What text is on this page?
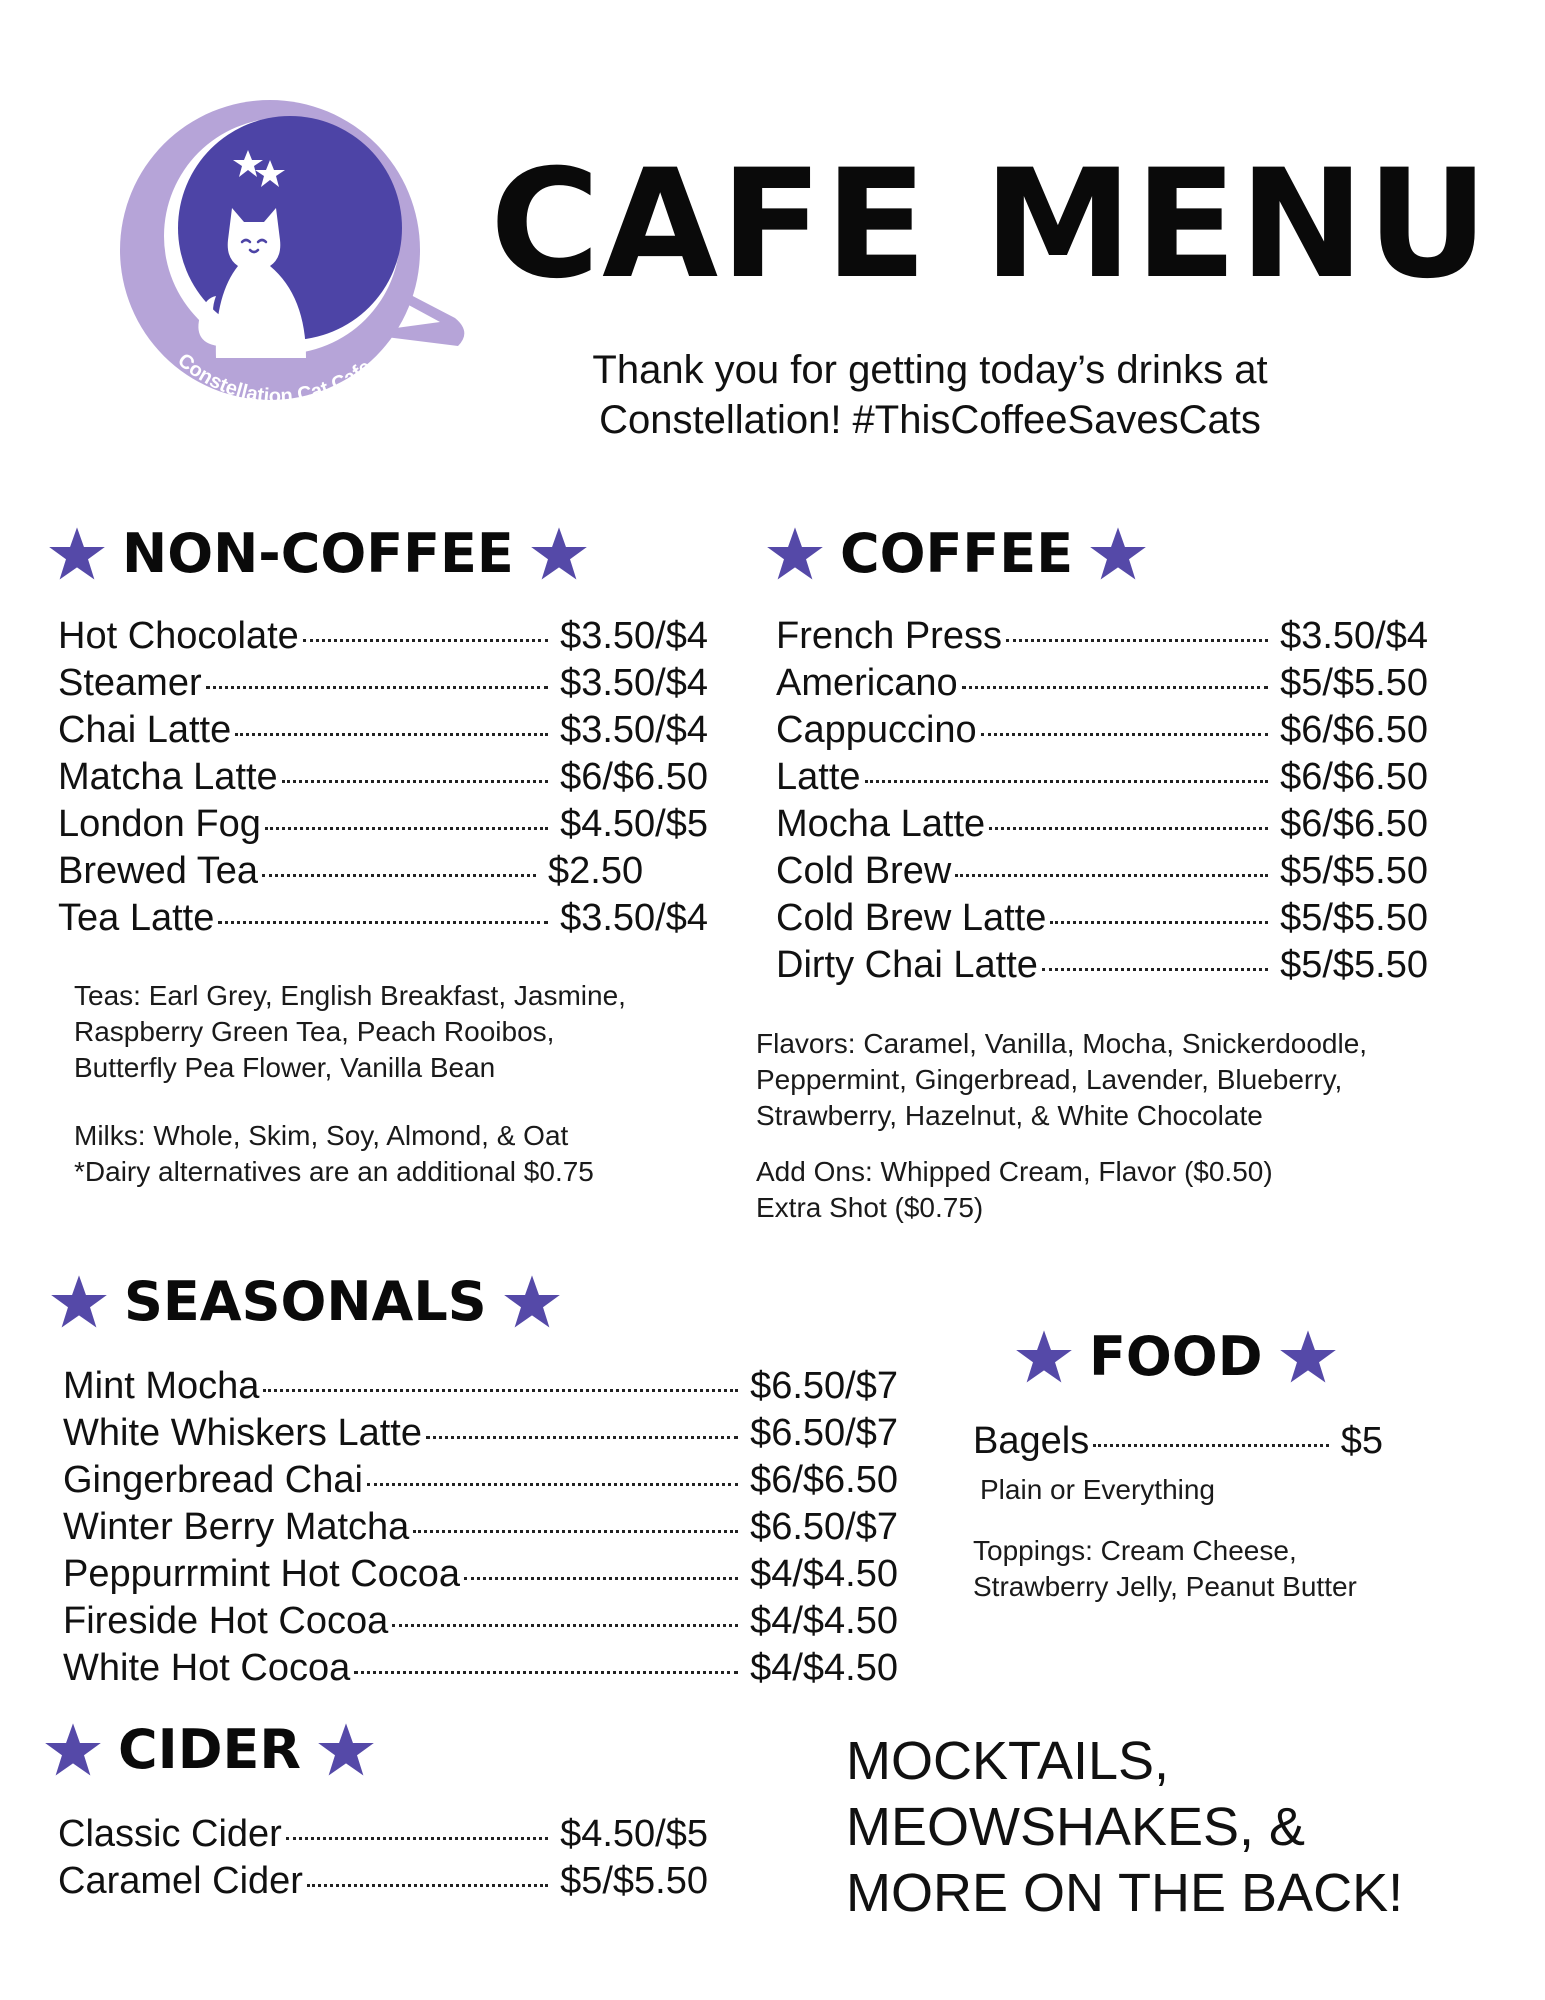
Constellation Cat Cafe
CAFE MENU
Thank you for getting today’s drinks at
Constellation! #ThisCoffeeSavesCats
NON-COFFEE
Hot Chocolate	$3.50/$4
Steamer	$3.50/$4
Chai Latte	$3.50/$4
Matcha Latte	$6/$6.50
London Fog	$4.50/$5
Brewed Tea	$2.50
Tea Latte	$3.50/$4
Teas: Earl Grey, English Breakfast, Jasmine,
Raspberry Green Tea, Peach Rooibos,
Butterfly Pea Flower, Vanilla Bean
Milks: Whole, Skim, Soy, Almond, & Oat
*Dairy alternatives are an additional $0.75
COFFEE
French Press	$3.50/$4
Americano	$5/$5.50
Cappuccino	$6/$6.50
Latte	$6/$6.50
Mocha Latte	$6/$6.50
Cold Brew	$5/$5.50
Cold Brew Latte	$5/$5.50
Dirty Chai Latte	$5/$5.50
Flavors: Caramel, Vanilla, Mocha, Snickerdoodle,
Peppermint, Gingerbread, Lavender, Blueberry,
Strawberry, Hazelnut, & White Chocolate
Add Ons: Whipped Cream, Flavor ($0.50)
Extra Shot ($0.75)
SEASONALS
Mint Mocha	$6.50/$7
White Whiskers Latte	$6.50/$7
Gingerbread Chai	$6/$6.50
Winter Berry Matcha	$6.50/$7
Peppurrmint Hot Cocoa	$4/$4.50
Fireside Hot Cocoa	$4/$4.50
White Hot Cocoa	$4/$4.50
FOOD
Bagels	$5
Plain or Everything
Toppings: Cream Cheese,
Strawberry Jelly, Peanut Butter
CIDER
Classic Cider	$4.50/$5
Caramel Cider	$5/$5.50
MOCKTAILS,
MEOWSHAKES, &
MORE ON THE BACK!
